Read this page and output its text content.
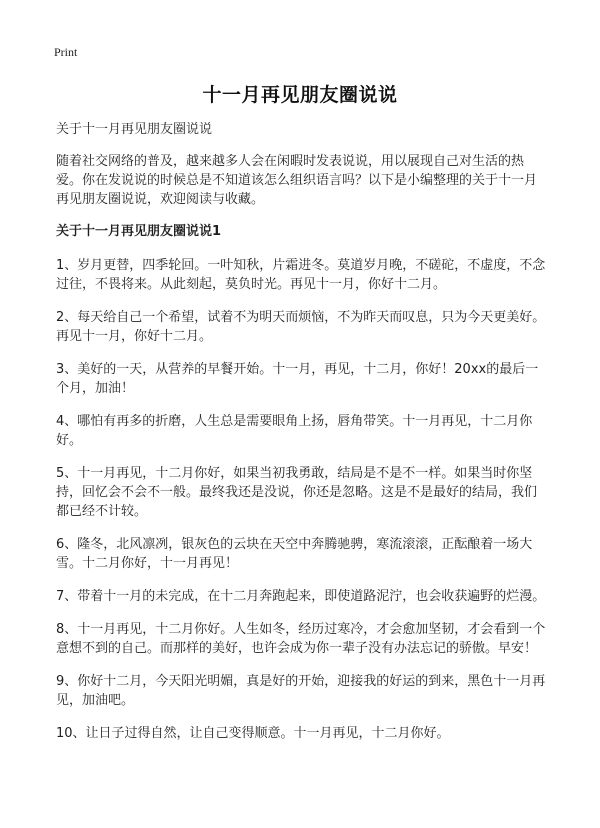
Print
十一月再见朋友圈说说

关于十一月再见朋友圈说说

随着社交网络的普及，越来越多人会在闲暇时发表说说，用以展现自己对生活的热爱。你在发说说的时候总是不知道该怎么组织语言吗？以下是小编整理的关于十一月再见朋友圈说说，欢迎阅读与收藏。

关于十一月再见朋友圈说说1

1、岁月更替，四季轮回。一叶知秋，片霜进冬。莫道岁月晚，不磋砣，不虚度，不念过往，不畏将来。从此刻起，莫负时光。再见十一月，你好十二月。

2、每天给自己一个希望，试着不为明天而烦恼，不为昨天而叹息，只为今天更美好。再见十一月，你好十二月。

3、美好的一天，从营养的早餐开始。十一月，再见，十二月，你好！20xx的最后一个月，加油！

4、哪怕有再多的折磨，人生总是需要眼角上扬，唇角带笑。十一月再见，十二月你好。

5、十一月再见，十二月你好，如果当初我勇敢，结局是不是不一样。如果当时你坚持，回忆会不会不一般。最终我还是没说，你还是忽略。这是不是最好的结局，我们都已经不计较。

6、隆冬，北风凛冽，银灰色的云块在天空中奔腾驰骋，寒流滚滚，正酝酿着一场大雪。十二月你好，十一月再见！

7、带着十一月的未完成，在十二月奔跑起来，即使道路泥泞，也会收获遍野的烂漫。

8、十一月再见，十二月你好。人生如冬，经历过寒冷，才会愈加坚韧，才会看到一个意想不到的自己。而那样的美好，也许会成为你一辈子没有办法忘记的骄傲。早安！

9、你好十二月，今天阳光明媚，真是好的开始，迎接我的好运的到来，黑色十一月再见，加油吧。

10、让日子过得自然，让自己变得顺意。十一月再见，十二月你好。
